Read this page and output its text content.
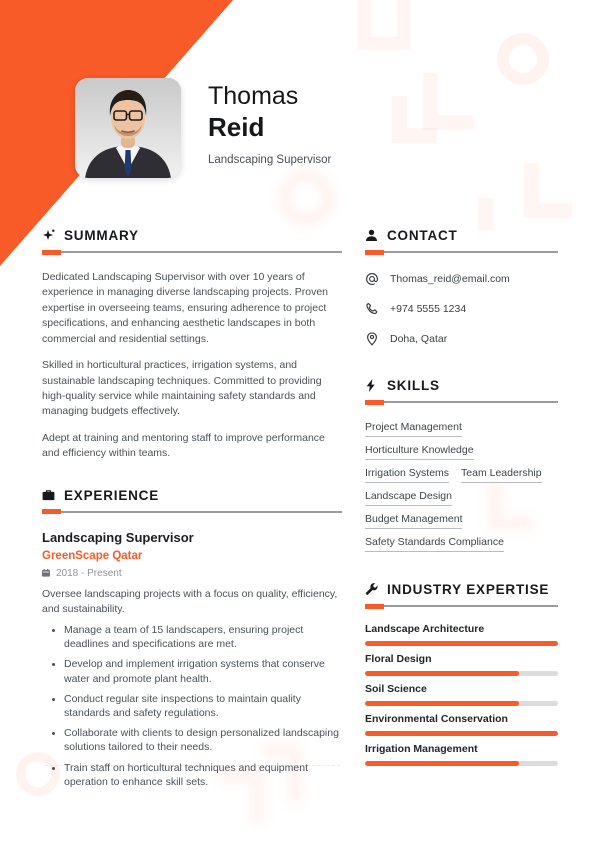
Thomas
Reid
Landscaping Supervisor
SUMMARY

Dedicated Landscaping Supervisor with over 10 years of experience in managing diverse landscaping projects. Proven expertise in overseeing teams, ensuring adherence to project specifications, and enhancing aesthetic landscapes in both commercial and residential settings.

Skilled in horticultural practices, irrigation systems, and sustainable landscaping techniques. Committed to providing high-quality service while maintaining safety standards and managing budgets effectively.

Adept at training and mentoring staff to improve performance and efficiency within teams.

EXPERIENCE
Landscaping Supervisor
GreenScape Qatar
2018 - Present
Oversee landscaping projects with a focus on quality, efficiency, and sustainability.
• Manage a team of 15 landscapers, ensuring project deadlines and specifications are met.
• Develop and implement irrigation systems that conserve water and promote plant health.
• Conduct regular site inspections to maintain quality standards and safety regulations.
• Collaborate with clients to design personalized landscaping solutions tailored to their needs.
• Train staff on horticultural techniques and equipment operation to enhance skill sets.
CONTACT
Thomas_reid@email.com
+974 5555 1234
Doha, Qatar
SKILLS
Project Management
Horticulture Knowledge
Irrigation Systems Team Leadership
Landscape Design
Budget Management
Safety Standards Compliance
INDUSTRY EXPERTISE
Landscape Architecture
Floral Design
Soil Science
Environmental Conservation
Irrigation Management
